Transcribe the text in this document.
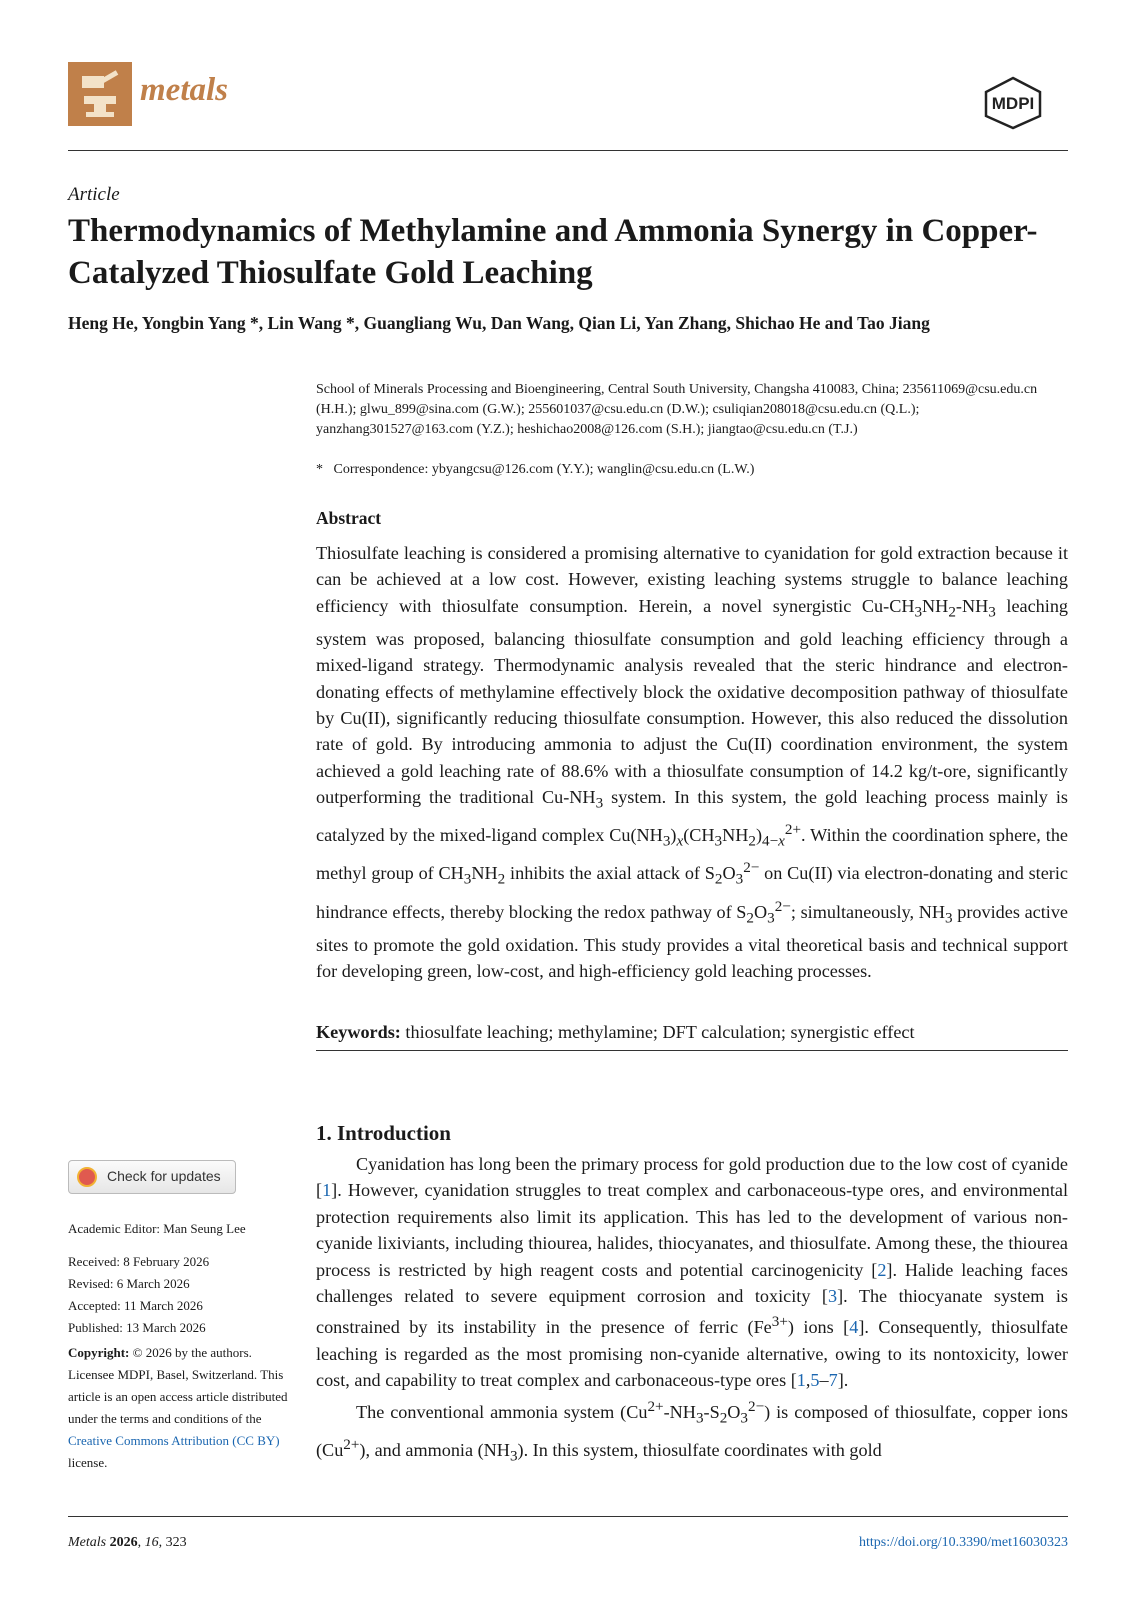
metals	MDPI
Article
Thermodynamics of Methylamine and Ammonia Synergy in Copper-Catalyzed Thiosulfate Gold Leaching
Heng He, Yongbin Yang *, Lin Wang *, Guangliang Wu, Dan Wang, Qian Li, Yan Zhang, Shichao He and Tao Jiang
School of Minerals Processing and Bioengineering, Central South University, Changsha 410083, China; 235611069@csu.edu.cn (H.H.); glwu_899@sina.com (G.W.); 255601037@csu.edu.cn (D.W.); csuliqian208018@csu.edu.cn (Q.L.); yanzhang301527@163.com (Y.Z.); heshichao2008@126.com (S.H.); jiangtao@csu.edu.cn (T.J.)
* Correspondence: ybyangcsu@126.com (Y.Y.); wanglin@csu.edu.cn (L.W.)
Abstract

Thiosulfate leaching is considered a promising alternative to cyanidation for gold extraction because it can be achieved at a low cost. However, existing leaching systems struggle to balance leaching efficiency with thiosulfate consumption. Herein, a novel synergistic $Cu-CH_3NH_2-NH_3$ leaching system was proposed, balancing thiosulfate consumption and gold leaching efficiency through a mixed-ligand strategy. Thermodynamic analysis revealed that the steric hindrance and electron-donating effects of methylamine effectively block the oxidative decomposition pathway of thiosulfate by Cu(II), significantly reducing thiosulfate consumption. However, this also reduced the dissolution rate of gold. By introducing ammonia to adjust the Cu(II) coordination environment, the system achieved a gold leaching rate of 88.6% with a thiosulfate consumption of 14.2 kg/t-ore, significantly outperforming the traditional $Cu-NH_3$ system. In this system, the gold leaching process mainly is catalyzed by the mixed-ligand complex $Cu(NH_3)_x(CH_3NH_2)_{4-x}^{2+}$. Within the coordination sphere, the methyl group of $CH_3NH_2$ inhibits the axial attack of $S_2O_3^{2-}$ on Cu(II) via electron-donating and steric hindrance effects, thereby blocking the redox pathway of $S_2O_3^{2-}$; simultaneously, $NH_3$ provides active sites to promote the gold oxidation. This study provides a vital theoretical basis and technical support for developing green, low-cost, and high-efficiency gold leaching processes.

Keywords: thiosulfate leaching; methylamine; DFT calculation; synergistic effect
1. Introduction

Cyanidation has long been the primary process for gold production due to the low cost of cyanide [1]. However, cyanidation struggles to treat complex and carbonaceous-type ores, and environmental protection requirements also limit its application. This has led to the development of various non-cyanide lixiviants, including thiourea, halides, thiocyanates, and thiosulfate. Among these, the thiourea process is restricted by high reagent costs and potential carcinogenicity [2]. Halide leaching faces challenges related to severe equipment corrosion and toxicity [3]. The thiocyanate system is constrained by its instability in the presence of ferric $(Fe^{3+})$ ions [4]. Consequently, thiosulfate leaching is regarded as the most promising non-cyanide alternative, owing to its nontoxicity, lower cost, and capability to treat complex and carbonaceous-type ores [1,5–7].

The conventional ammonia system $(Cu^{2+}-NH_3-S_2O_3^{2-})$ is composed of thiosulfate, copper ions $(Cu^{2+})$, and ammonia $(NH_3)$. In this system, thiosulfate coordinates with gold

Check for updates
Academic Editor: Man Seung Lee
Received: 8 February 2026
Revised: 6 March 2026
Accepted: 11 March 2026
Published: 13 March 2026
Copyright: © 2026 by the authors. Licensee MDPI, Basel, Switzerland. This article is an open access article distributed under the terms and conditions of the Creative Commons Attribution (CC BY) license.
Metals 2026, 16, 323	https://doi.org/10.3390/met16030323
